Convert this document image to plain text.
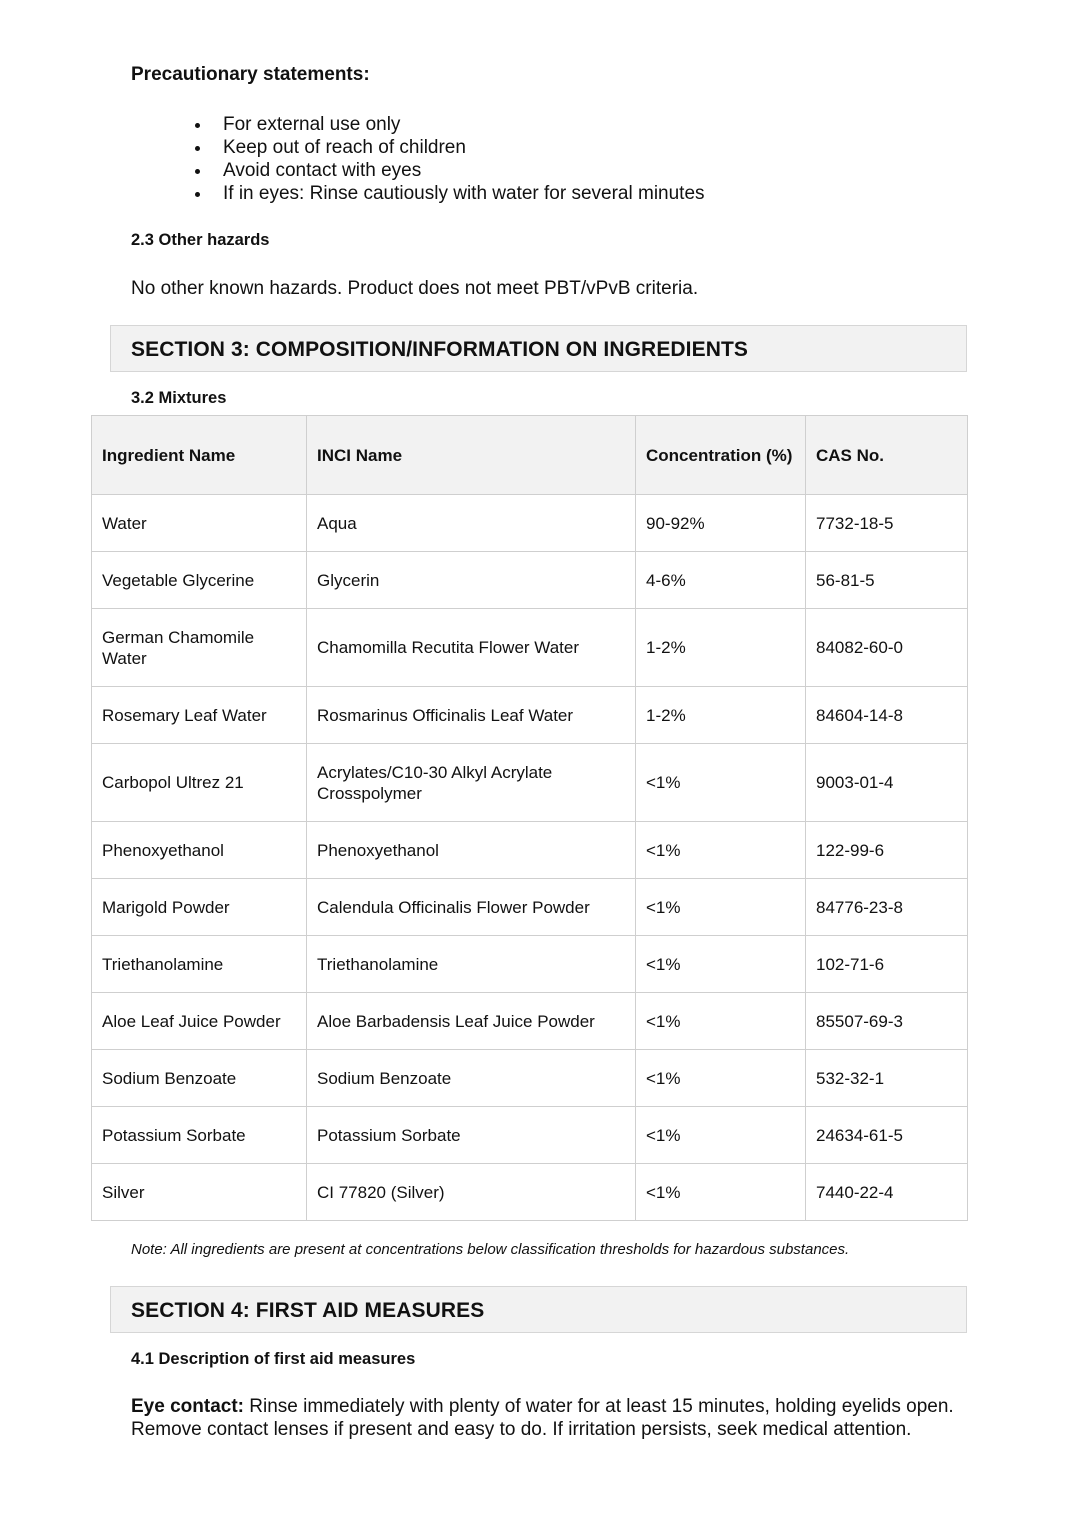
Precautionary statements:
For external use only
Keep out of reach of children
Avoid contact with eyes
If in eyes: Rinse cautiously with water for several minutes
2.3 Other hazards
No other known hazards. Product does not meet PBT/vPvB criteria.
SECTION 3: COMPOSITION/INFORMATION ON INGREDIENTS
3.2 Mixtures
Ingredient Name	INCI Name	Concentration (%)	CAS No.
Water	Aqua	90-92%	7732-18-5
Vegetable Glycerine	Glycerin	4-6%	56-81-5
German Chamomile Water	Chamomilla Recutita Flower Water	1-2%	84082-60-0
Rosemary Leaf Water	Rosmarinus Officinalis Leaf Water	1-2%	84604-14-8
Carbopol Ultrez 21	Acrylates/C10-30 Alkyl Acrylate Crosspolymer	<1%	9003-01-4
Phenoxyethanol	Phenoxyethanol	<1%	122-99-6
Marigold Powder	Calendula Officinalis Flower Powder	<1%	84776-23-8
Triethanolamine	Triethanolamine	<1%	102-71-6
Aloe Leaf Juice Powder	Aloe Barbadensis Leaf Juice Powder	<1%	85507-69-3
Sodium Benzoate	Sodium Benzoate	<1%	532-32-1
Potassium Sorbate	Potassium Sorbate	<1%	24634-61-5
Silver	CI 77820 (Silver)	<1%	7440-22-4
Note: All ingredients are present at concentrations below classification thresholds for hazardous substances.
SECTION 4: FIRST AID MEASURES
4.1 Description of first aid measures
Eye contact: Rinse immediately with plenty of water for at least 15 minutes, holding eyelids open. Remove contact lenses if present and easy to do. If irritation persists, seek medical attention.
